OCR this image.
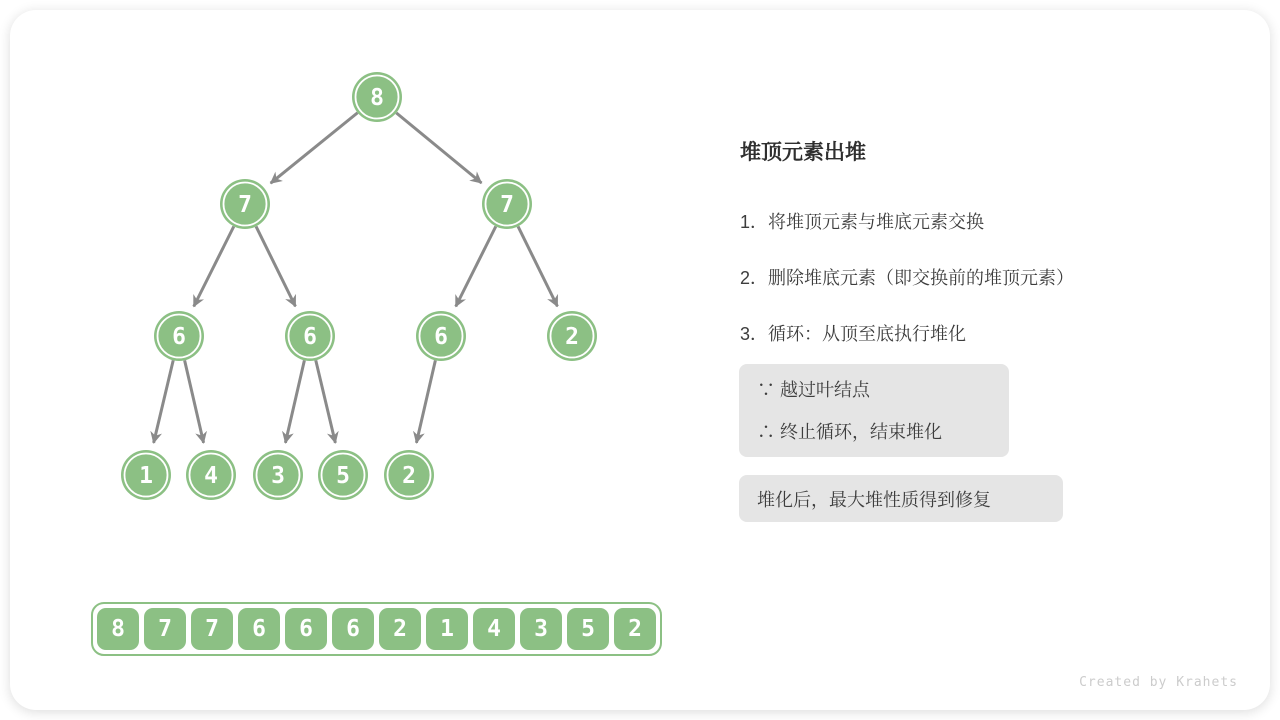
8
7	7
6	6	6	2
1 4 3 5 2
堆顶元素出堆

1．将堆顶元素与堆底元素交换

2．删除堆底元素（即交换前的堆顶元素）

3．循环：从顶至底执行堆化

∵ 越过叶结点
∴ 终止循环，结束堆化
堆化后，最大堆性质得到修复
8	7	7	6	6	6	2	1	4	3	5	2
Created by Krahets
